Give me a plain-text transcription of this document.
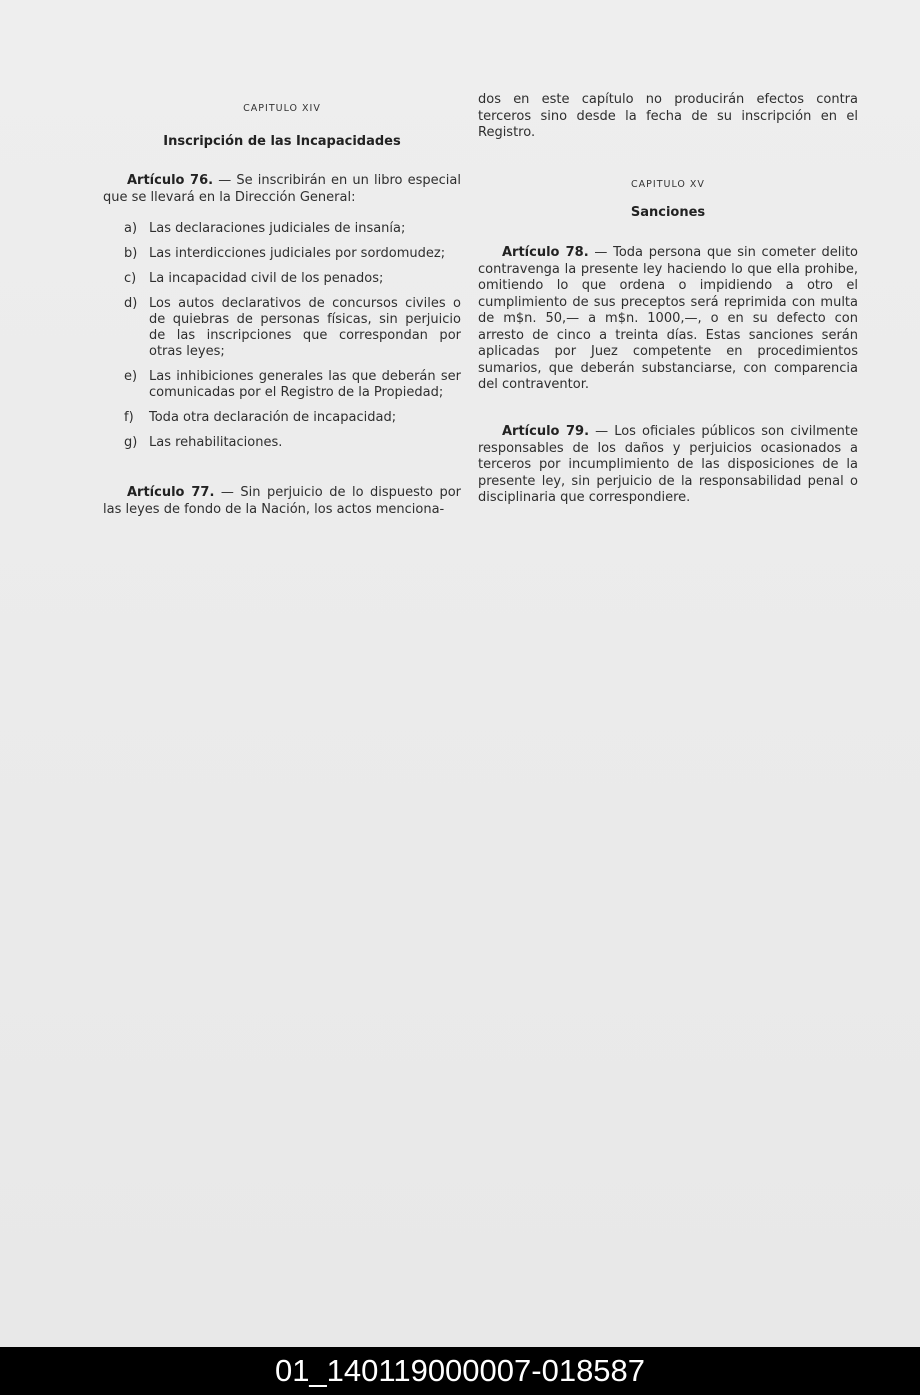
CAPITULO XIV
Inscripción de las Incapacidades

Artículo 76. — Se inscribirán en un libro especial que se llevará en la Dirección General:

a) Las declaraciones judiciales de insanía;
b) Las interdicciones judiciales por sordomudez;
c) La incapacidad civil de los penados;
d) Los autos declarativos de concursos civiles o de quiebras de personas físicas, sin perjuicio de las inscripciones que correspondan por otras leyes;
e) Las inhibiciones generales las que deberán ser comunicadas por el Registro de la Propiedad;
f) Toda otra declaración de incapacidad;
g) Las rehabilitaciones.

Artículo 77. — Sin perjuicio de lo dispuesto por las leyes de fondo de la Nación, los actos menciona-

dos en este capítulo no producirán efectos contra terceros sino desde la fecha de su inscripción en el Registro.

CAPITULO XV
Sanciones

Artículo 78. — Toda persona que sin cometer delito contravenga la presente ley haciendo lo que ella prohibe, omitiendo lo que ordena o impidiendo a otro el cumplimiento de sus preceptos será reprimida con multa de m$n. 50,— a m$n. 1000,—, o en su defecto con arresto de cinco a treinta días. Estas sanciones serán aplicadas por Juez competente en procedimientos sumarios, que deberán substanciarse, con comparencia del contraventor.

Artículo 79. — Los oficiales públicos son civilmente responsables de los daños y perjuicios ocasionados a terceros por incumplimiento de las disposiciones de la presente ley, sin perjuicio de la responsabilidad penal o disciplinaria que correspondiere.

01_140119000007-018587
